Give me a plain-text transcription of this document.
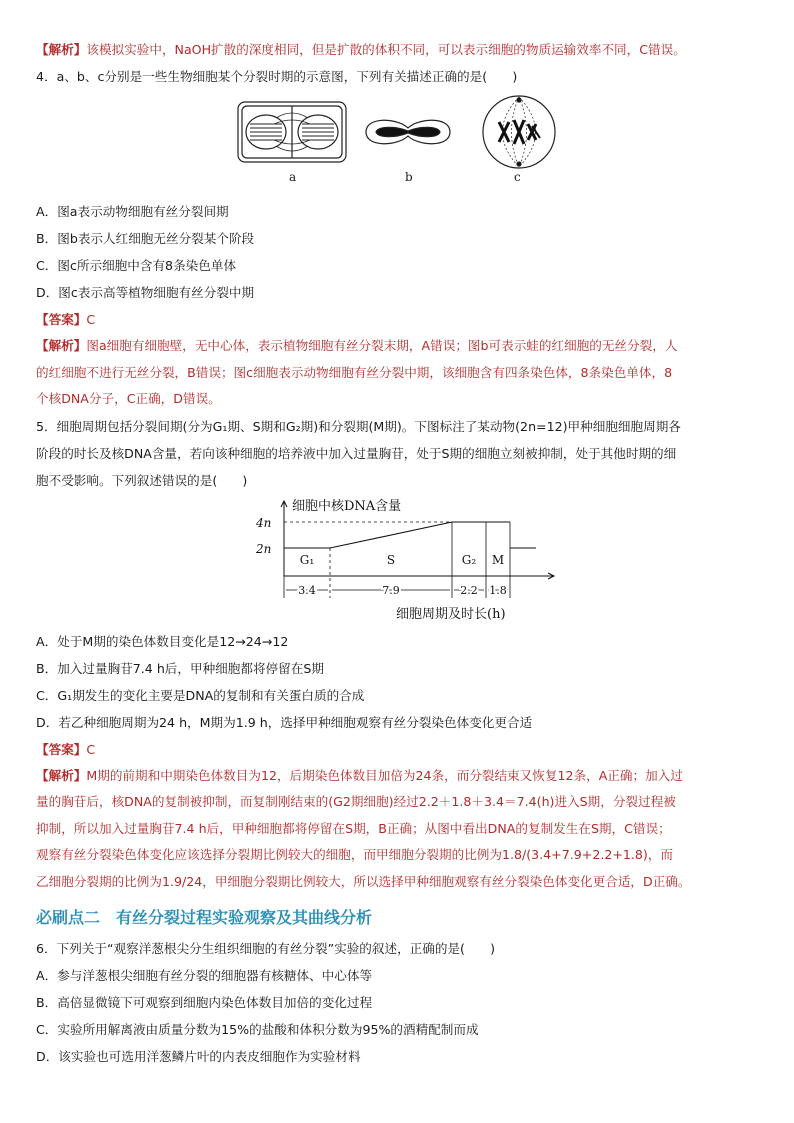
【解析】该模拟实验中，NaOH扩散的深度相同，但是扩散的体积不同，可以表示细胞的物质运输效率不同，C错误。

4．a、b、c分别是一些生物细胞某个分裂时期的示意图，下列有关描述正确的是(　　)

a	b	c

A．图a表示动物细胞有丝分裂间期

B．图b表示人红细胞无丝分裂某个阶段

C．图c所示细胞中含有8条染色单体

D．图c表示高等植物细胞有丝分裂中期

【答案】C

【解析】图a细胞有细胞壁，无中心体，表示植物细胞有丝分裂末期，A错误；图b可表示蛙的红细胞的无丝分裂，人

的红细胞不进行无丝分裂，B错误；图c细胞表示动物细胞有丝分裂中期，该细胞含有四条染色体，8条染色单体，8

个核DNA分子，C正确，D错误。

5．细胞周期包括分裂间期(分为G₁期、S期和G₂期)和分裂期(M期)。下图标注了某动物(2n=12)甲种细胞细胞周期各

阶段的时长及核DNA含量，若向该种细胞的培养液中加入过量胸苷，处于S期的细胞立刻被抑制，处于其他时期的细

胞不受影响。下列叙述错误的是(　　)

细胞中核DNA含量
4n
2n
G₁
3.4
S
7.9
G₂
2.2
M
1.8
细胞周期及时长(h)

A．处于M期的染色体数目变化是12→24→12

B．加入过量胸苷7.4 h后，甲种细胞都将停留在S期

C．G₁期发生的变化主要是DNA的复制和有关蛋白质的合成

D．若乙种细胞周期为24 h，M期为1.9 h，选择甲种细胞观察有丝分裂染色体变化更合适

【答案】C

【解析】M期的前期和中期染色体数目为12，后期染色体数目加倍为24条，而分裂结束又恢复12条，A正确；加入过

量的胸苷后，核DNA的复制被抑制，而复制刚结束的(G2期细胞)经过2.2＋1.8＋3.4＝7.4(h)进入S期，分裂过程被

抑制，所以加入过量胸苷7.4 h后，甲种细胞都将停留在S期，B正确；从图中看出DNA的复制发生在S期，C错误；

观察有丝分裂染色体变化应该选择分裂期比例较大的细胞，而甲细胞分裂期的比例为1.8/(3.4+7.9+2.2+1.8)，而

乙细胞分裂期的比例为1.9/24，甲细胞分裂期比例较大，所以选择甲种细胞观察有丝分裂染色体变化更合适，D正确。

必刷点二　有丝分裂过程实验观察及其曲线分析

6．下列关于“观察洋葱根尖分生组织细胞的有丝分裂”实验的叙述，正确的是(　　)

A．参与洋葱根尖细胞有丝分裂的细胞器有核糖体、中心体等

B．高倍显微镜下可观察到细胞内染色体数目加倍的变化过程

C．实验所用解离液由质量分数为15%的盐酸和体积分数为95%的酒精配制而成

D．该实验也可选用洋葱鳞片叶的内表皮细胞作为实验材料
